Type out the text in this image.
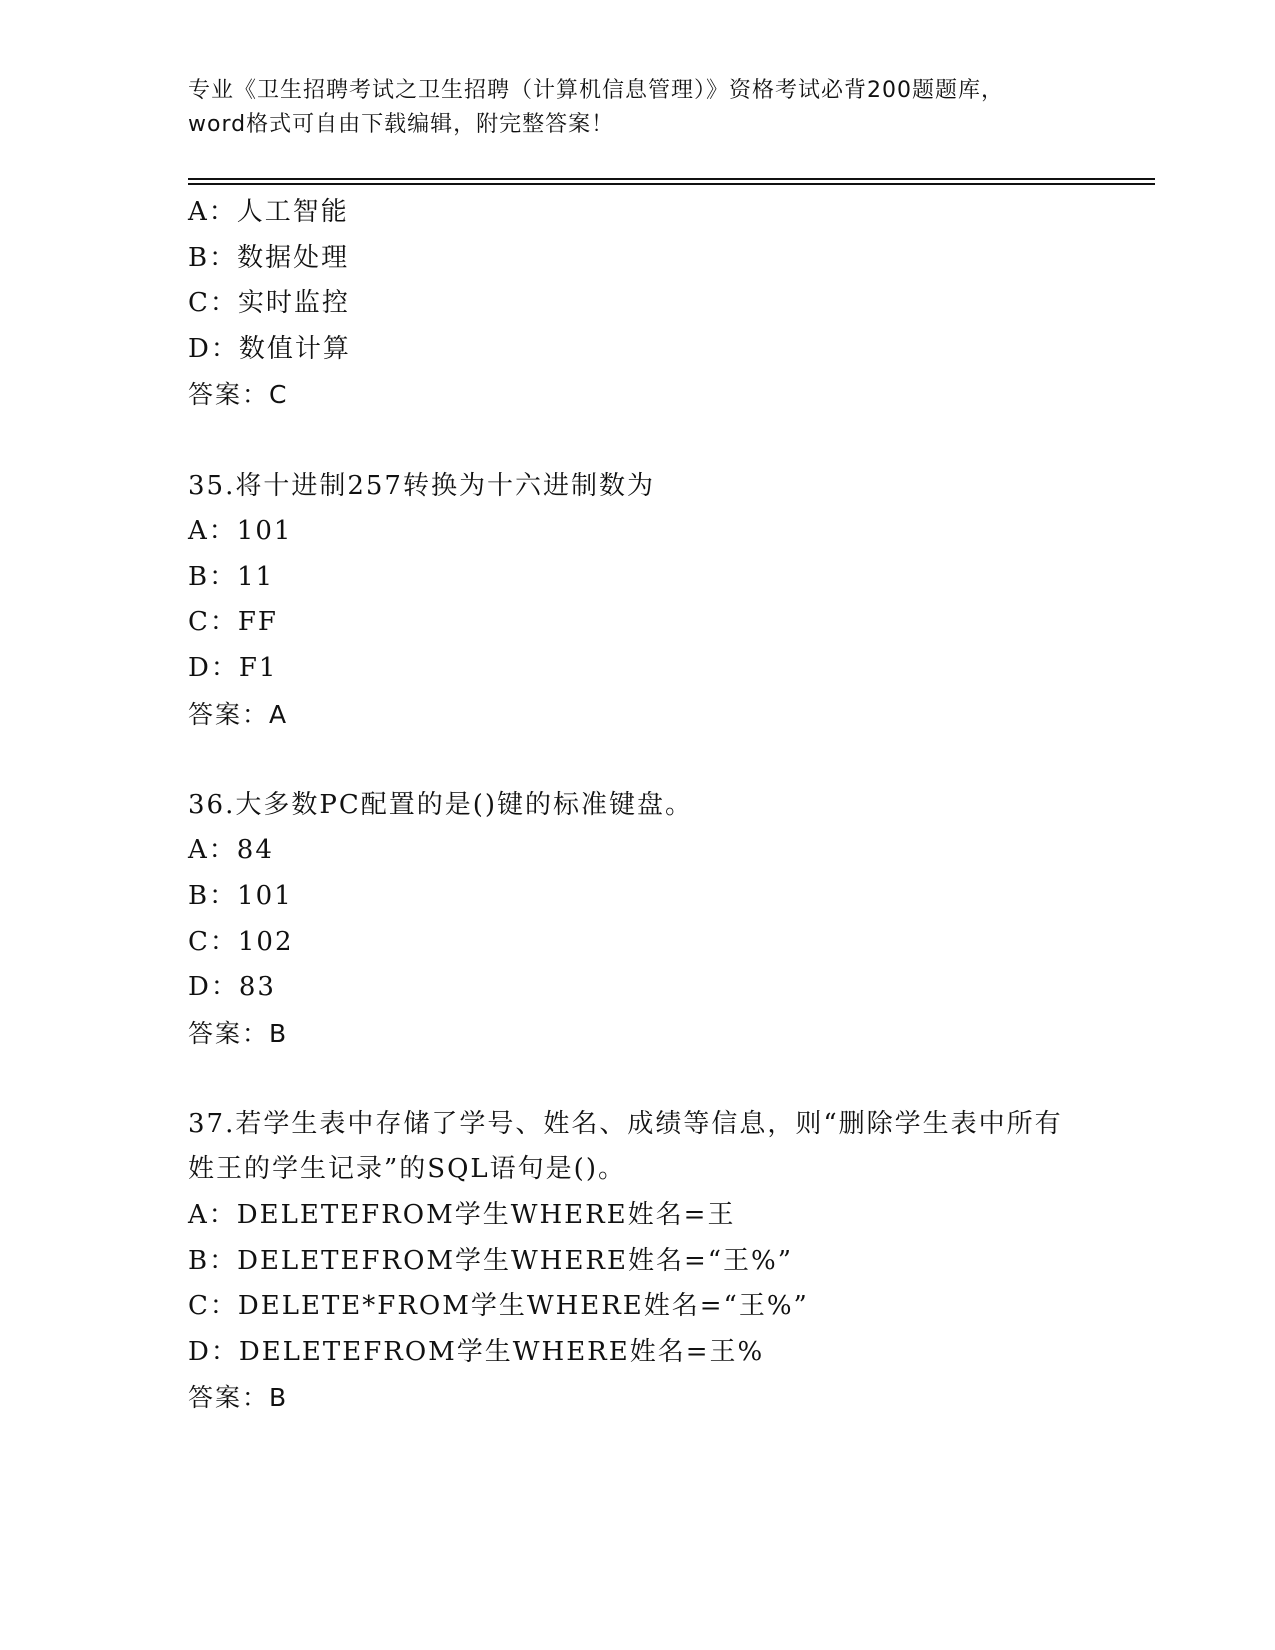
专业《卫生招聘考试之卫生招聘（计算机信息管理）》资格考试必背200题题库，
word格式可自由下载编辑，附完整答案！
A：人工智能
B：数据处理
C：实时监控
D：数值计算
答案：C
35.将十进制257转换为十六进制数为
A：101
B：11
C：FF
D：F1
答案：A
36.大多数PC配置的是()键的标准键盘。
A：84
B：101
C：102
D：83
答案：B
37.若学生表中存储了学号、姓名、成绩等信息，则“删除学生表中所有姓王的学生记录”的SQL语句是()。
A：DELETEFROM学生WHERE姓名=王
B：DELETEFROM学生WHERE姓名=“王%”
C：DELETE*FROM学生WHERE姓名=“王%”
D：DELETEFROM学生WHERE姓名=王%
答案：B
